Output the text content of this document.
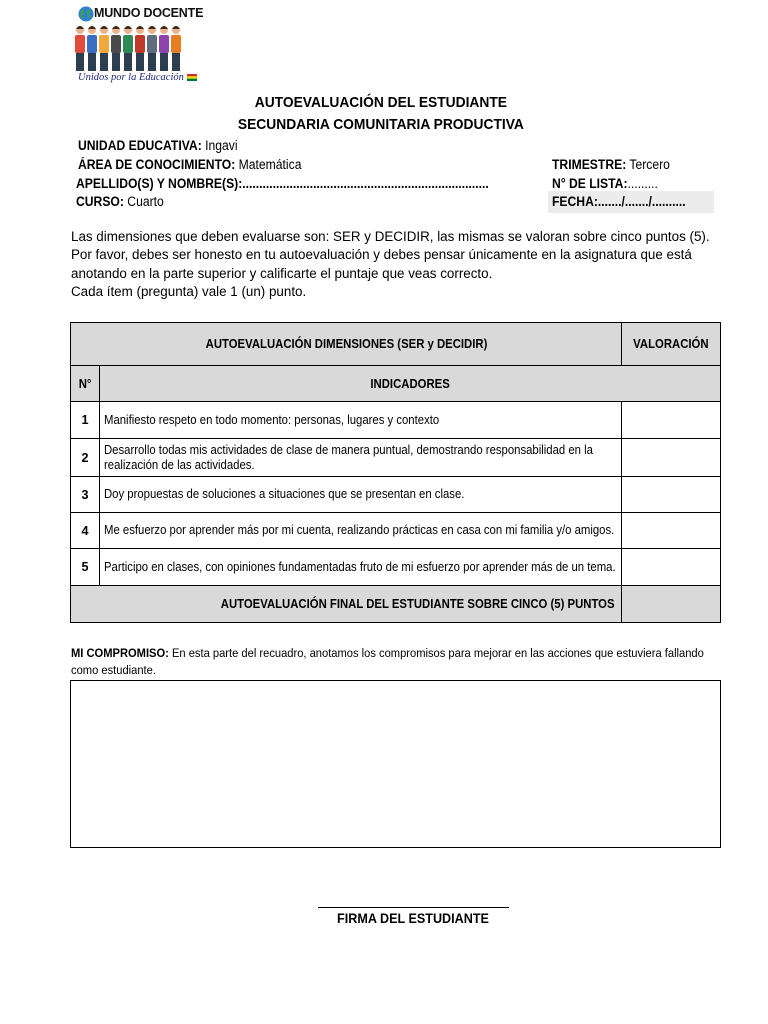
MUNDO DOCENTE
Unidos por la Educación
AUTOEVALUACIÓN DEL ESTUDIANTE
SECUNDARIA COMUNITARIA PRODUCTIVA
UNIDAD EDUCATIVA: Ingavi
ÁREA DE CONOCIMIENTO: Matemática
APELLIDO(S) Y NOMBRE(S):.........................................................................
CURSO: Cuarto
TRIMESTRE: Tercero
N° DE LISTA:.........
FECHA:......./......./..........
Las dimensiones que deben evaluarse son: SER y DECIDIR, las mismas se valoran sobre cinco puntos (5).
Por favor, debes ser honesto en tu autoevaluación y debes pensar únicamente en la asignatura que está
anotando en la parte superior y calificarte el puntaje que veas correcto.
Cada ítem (pregunta) vale 1 (un) punto.
AUTOEVALUACIÓN DIMENSIONES (SER y DECIDIR)		VALORACIÓN
N°	INDICADORES	
1	Manifiesto respeto en todo momento: personas, lugares y contexto	
2	Desarrollo todas mis actividades de clase de manera puntual, demostrando responsabilidad en la realización de las actividades.	

3	Doy propuestas de soluciones a situaciones que se presentan en clase.	
4	Me esfuerzo por aprender más por mi cuenta, realizando prácticas en casa con mi familia y/o amigos.	

5	Participo en clases, con opiniones fundamentadas fruto de mi esfuerzo por aprender más de un tema.	

AUTOEVALUACIÓN FINAL DEL ESTUDIANTE SOBRE CINCO (5) PUNTOS		
MI COMPROMISO: En esta parte del recuadro, anotamos los compromisos para mejorar en las acciones que estuviera fallando como estudiante.
FIRMA DEL ESTUDIANTE
